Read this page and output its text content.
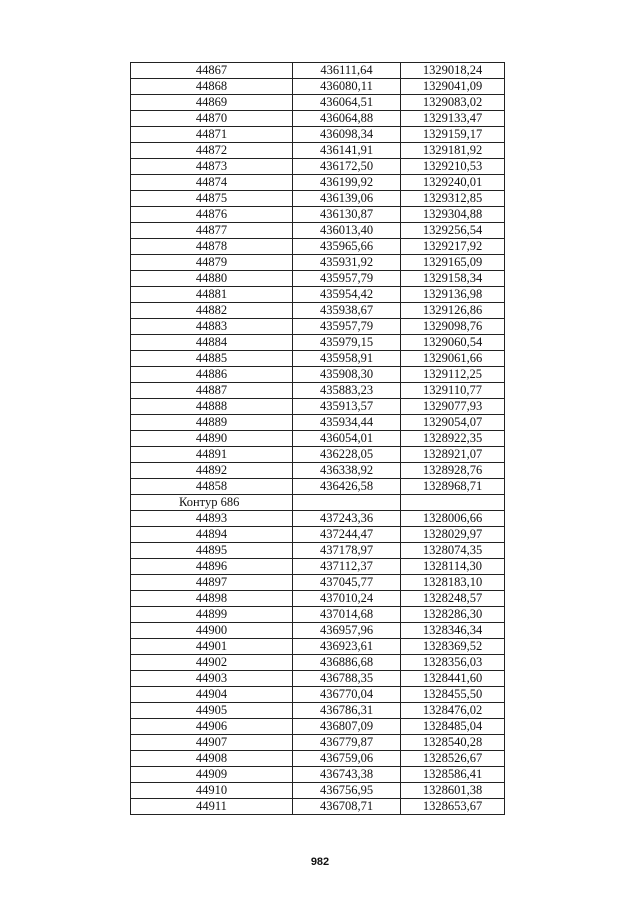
44867	436111,64	1329018,24
44868	436080,11	1329041,09
44869	436064,51	1329083,02
44870	436064,88	1329133,47
44871	436098,34	1329159,17
44872	436141,91	1329181,92
44873	436172,50	1329210,53
44874	436199,92	1329240,01
44875	436139,06	1329312,85
44876	436130,87	1329304,88
44877	436013,40	1329256,54
44878	435965,66	1329217,92
44879	435931,92	1329165,09
44880	435957,79	1329158,34
44881	435954,42	1329136,98
44882	435938,67	1329126,86
44883	435957,79	1329098,76
44884	435979,15	1329060,54
44885	435958,91	1329061,66
44886	435908,30	1329112,25
44887	435883,23	1329110,77
44888	435913,57	1329077,93
44889	435934,44	1329054,07
44890	436054,01	1328922,35
44891	436228,05	1328921,07
44892	436338,92	1328928,76
44858	436426,58	1328968,71
Контур 686		
44893	437243,36	1328006,66
44894	437244,47	1328029,97
44895	437178,97	1328074,35
44896	437112,37	1328114,30
44897	437045,77	1328183,10
44898	437010,24	1328248,57
44899	437014,68	1328286,30
44900	436957,96	1328346,34
44901	436923,61	1328369,52
44902	436886,68	1328356,03
44903	436788,35	1328441,60
44904	436770,04	1328455,50
44905	436786,31	1328476,02
44906	436807,09	1328485,04
44907	436779,87	1328540,28
44908	436759,06	1328526,67
44909	436743,38	1328586,41
44910	436756,95	1328601,38
44911	436708,71	1328653,67
982
